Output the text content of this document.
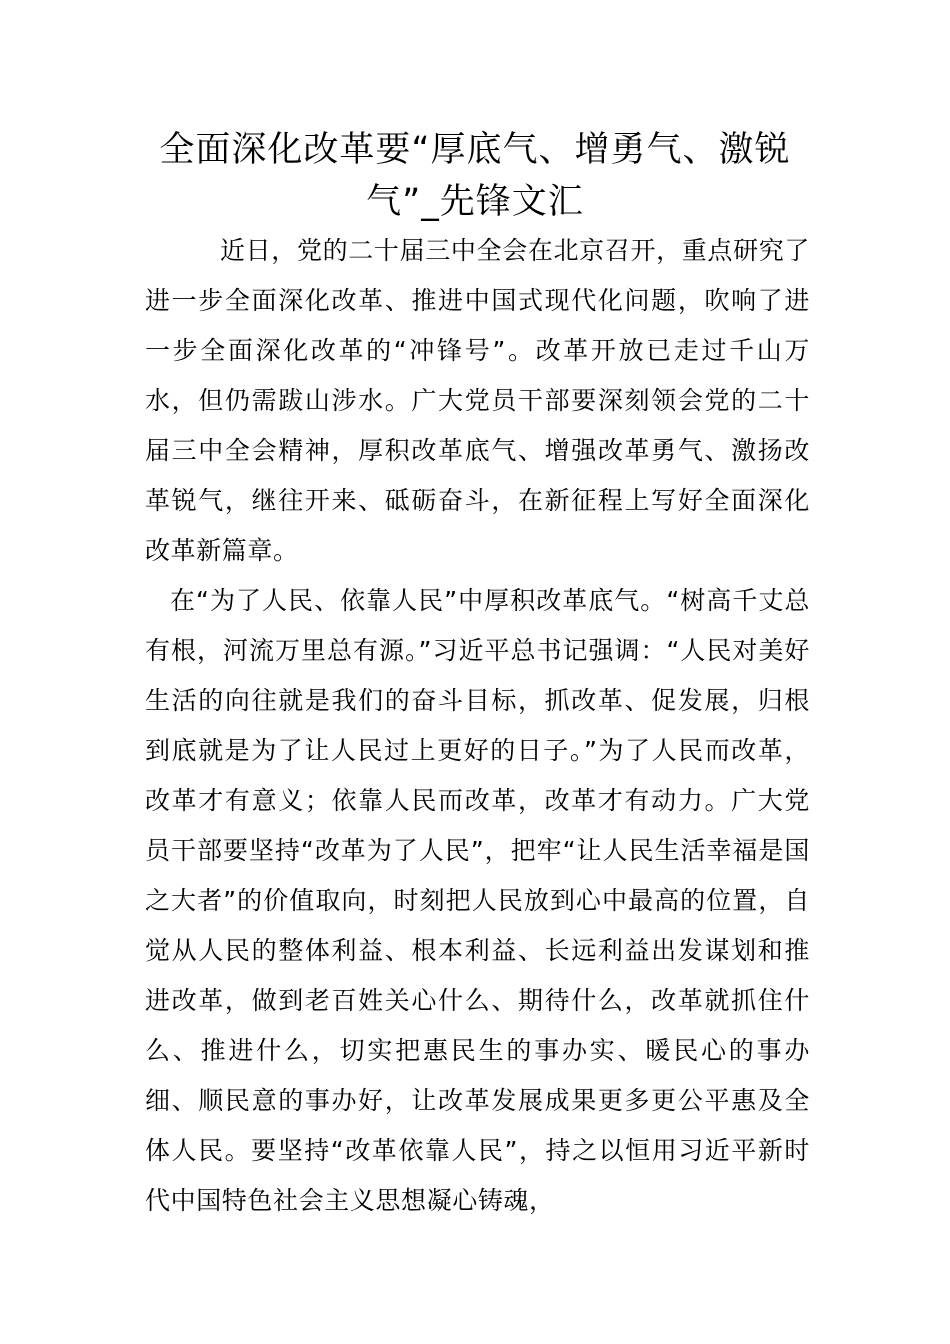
全面深化改革要“厚底气、增勇气、激锐气”_先锋文汇

近日，党的二十届三中全会在北京召开，重点研究了进一步全面深化改革、推进中国式现代化问题，吹响了进一步全面深化改革的“冲锋号”。改革开放已走过千山万水，但仍需跋山涉水。广大党员干部要深刻领会党的二十届三中全会精神，厚积改革底气、增强改革勇气、激扬改革锐气，继往开来、砥砺奋斗，在新征程上写好全面深化改革新篇章。

在“为了人民、依靠人民”中厚积改革底气。“树高千丈总有根，河流万里总有源。”习近平总书记强调：“人民对美好生活的向往就是我们的奋斗目标，抓改革、促发展，归根到底就是为了让人民过上更好的日子。”为了人民而改革，改革才有意义；依靠人民而改革，改革才有动力。广大党员干部要坚持“改革为了人民”，把牢“让人民生活幸福是国之大者”的价值取向，时刻把人民放到心中最高的位置，自觉从人民的整体利益、根本利益、长远利益出发谋划和推进改革，做到老百姓关心什么、期待什么，改革就抓住什么、推进什么，切实把惠民生的事办实、暖民心的事办细、顺民意的事办好，让改革发展成果更多更公平惠及全体人民。要坚持“改革依靠人民”，持之以恒用习近平新时代中国特色社会主义思想凝心铸魂，
